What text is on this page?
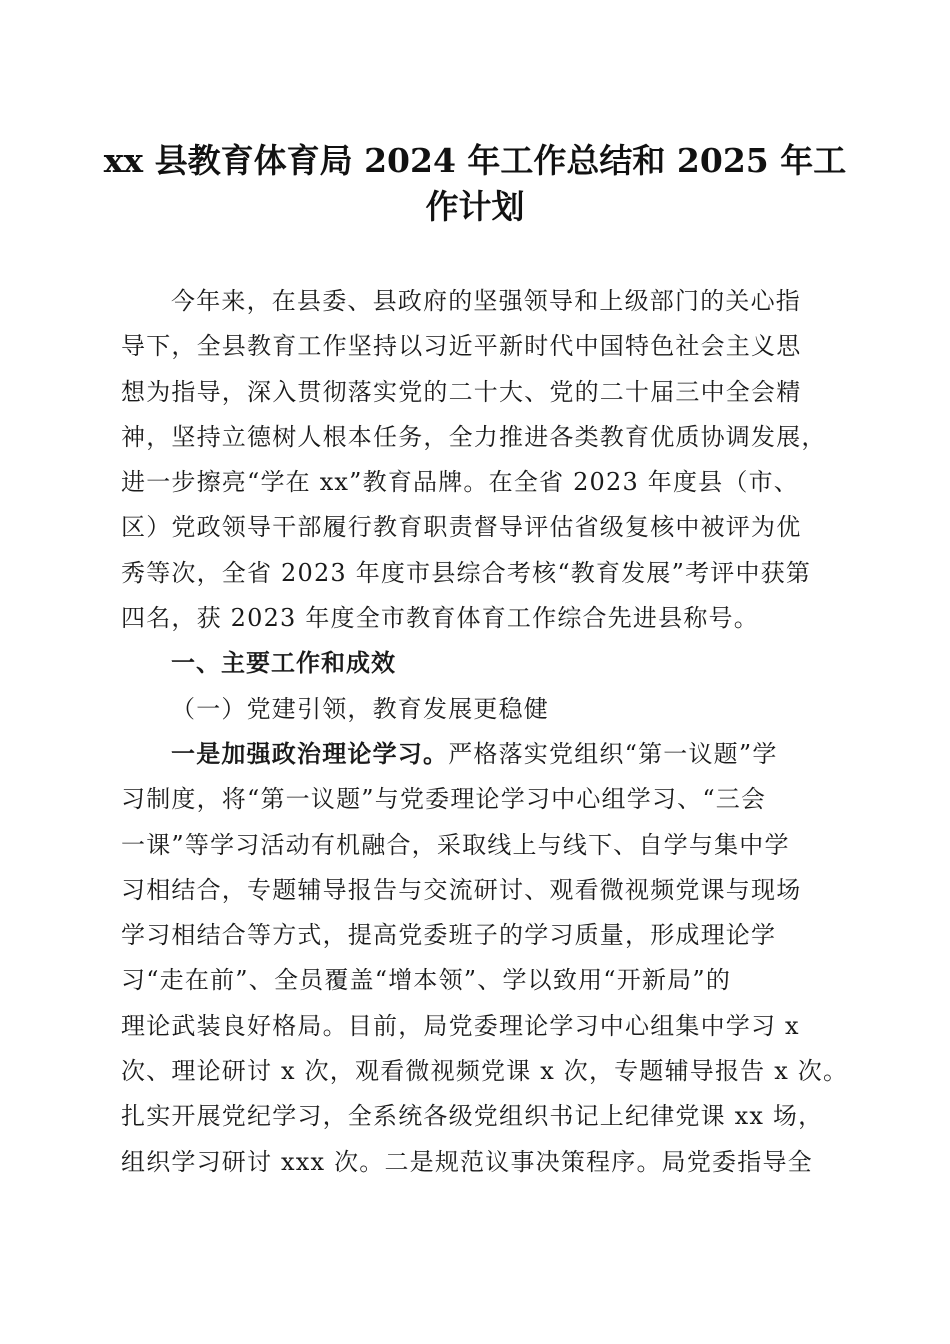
xx 县教育体育局 2024 年工作总结和 2025 年工
作计划
今年来，在县委、县政府的坚强领导和上级部门的关心指
导下，全县教育工作坚持以习近平新时代中国特色社会主义思
想为指导，深入贯彻落实党的二十大、党的二十届三中全会精
神，坚持立德树人根本任务，全力推进各类教育优质协调发展，
进一步擦亮“学在 xx”教育品牌。在全省 2023 年度县（市、
区）党政领导干部履行教育职责督导评估省级复核中被评为优
秀等次，全省 2023 年度市县综合考核“教育发展”考评中获第
四名，获 2023 年度全市教育体育工作综合先进县称号。
一、主要工作和成效
（一）党建引领，教育发展更稳健
一是加强政治理论学习。严格落实党组织“第一议题”学
习制度，将“第一议题”与党委理论学习中心组学习、“三会
一课”等学习活动有机融合，采取线上与线下、自学与集中学
习相结合，专题辅导报告与交流研讨、观看微视频党课与现场
学习相结合等方式，提高党委班子的学习质量，形成理论学
习“走在前”、全员覆盖“增本领”、学以致用“开新局”的
理论武装良好格局。目前，局党委理论学习中心组集中学习 x
次、理论研讨 x 次，观看微视频党课 x 次，专题辅导报告 x 次。
扎实开展党纪学习，全系统各级党组织书记上纪律党课 xx 场，
组织学习研讨 xxx 次。二是规范议事决策程序。局党委指导全
